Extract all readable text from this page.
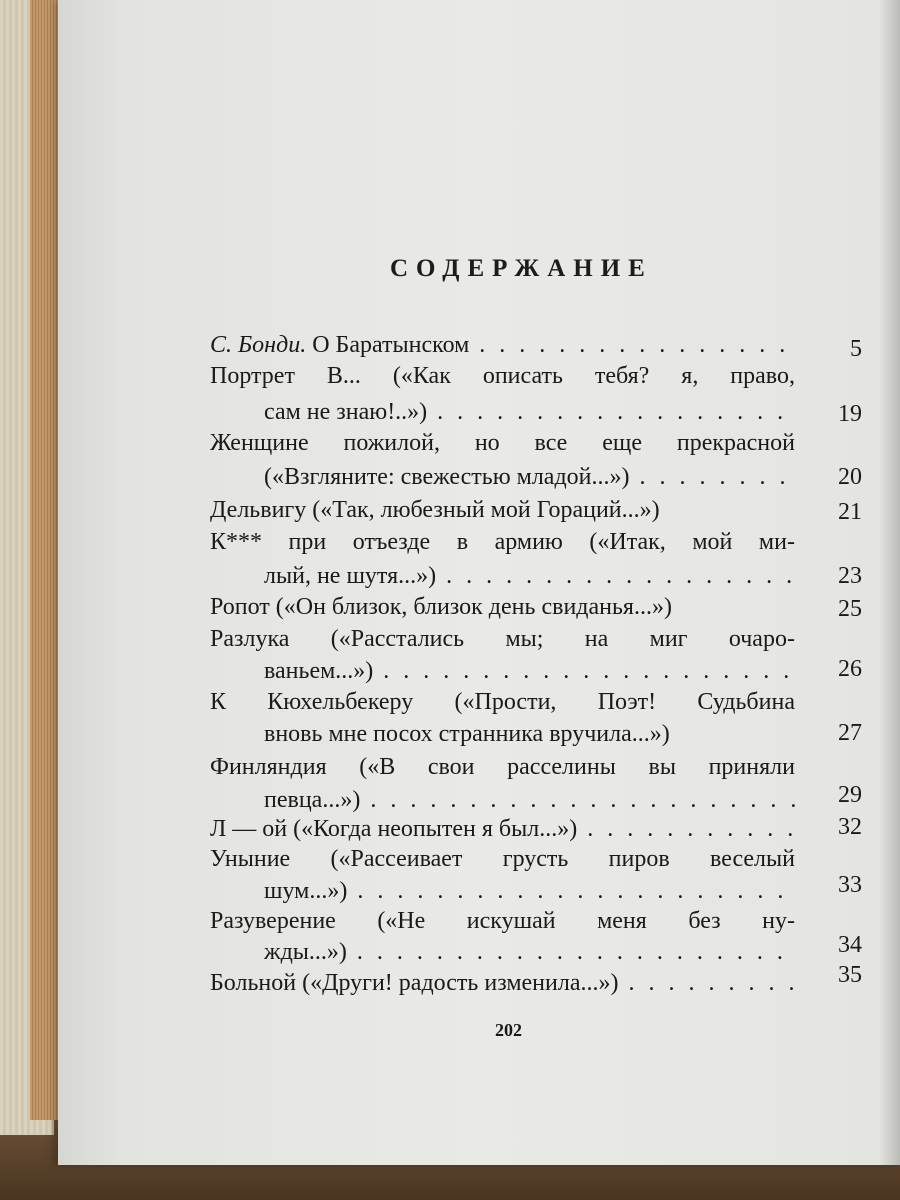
СОДЕРЖАНИЕ
С. Бонди. О Баратынском . . .	5
Портрет В... («Как описать тебя? я, право,
сам не знаю!..») . . .	19
Женщине пожилой, но все еще прекрасной
(«Взгляните: свежестью младой...») . . .	20
Дельвигу («Так, любезный мой Гораций...»)	21
К*** при отъезде в армию («Итак, мой ми-
лый, не шутя...») . . .	23
Ропот («Он близок, близок день свиданья...»)	25
Разлука («Расстались мы; на миг очаро-
ваньем...») . . .	26
К Кюхельбекеру («Прости, Поэт! Судьбина
вновь мне посох странника вручила...»)	27
Финляндия («В свои расселины вы приняли
певца...») . . .	29
Л — ой («Когда неопытен я был...») . . .	32
Уныние («Рассеивает грусть пиров веселый
шум...») . . .	33
Разуверение («Не искушай меня без ну-
жды...») . . .	34
Больной («Други! радость изменила...») . . .	35
202
